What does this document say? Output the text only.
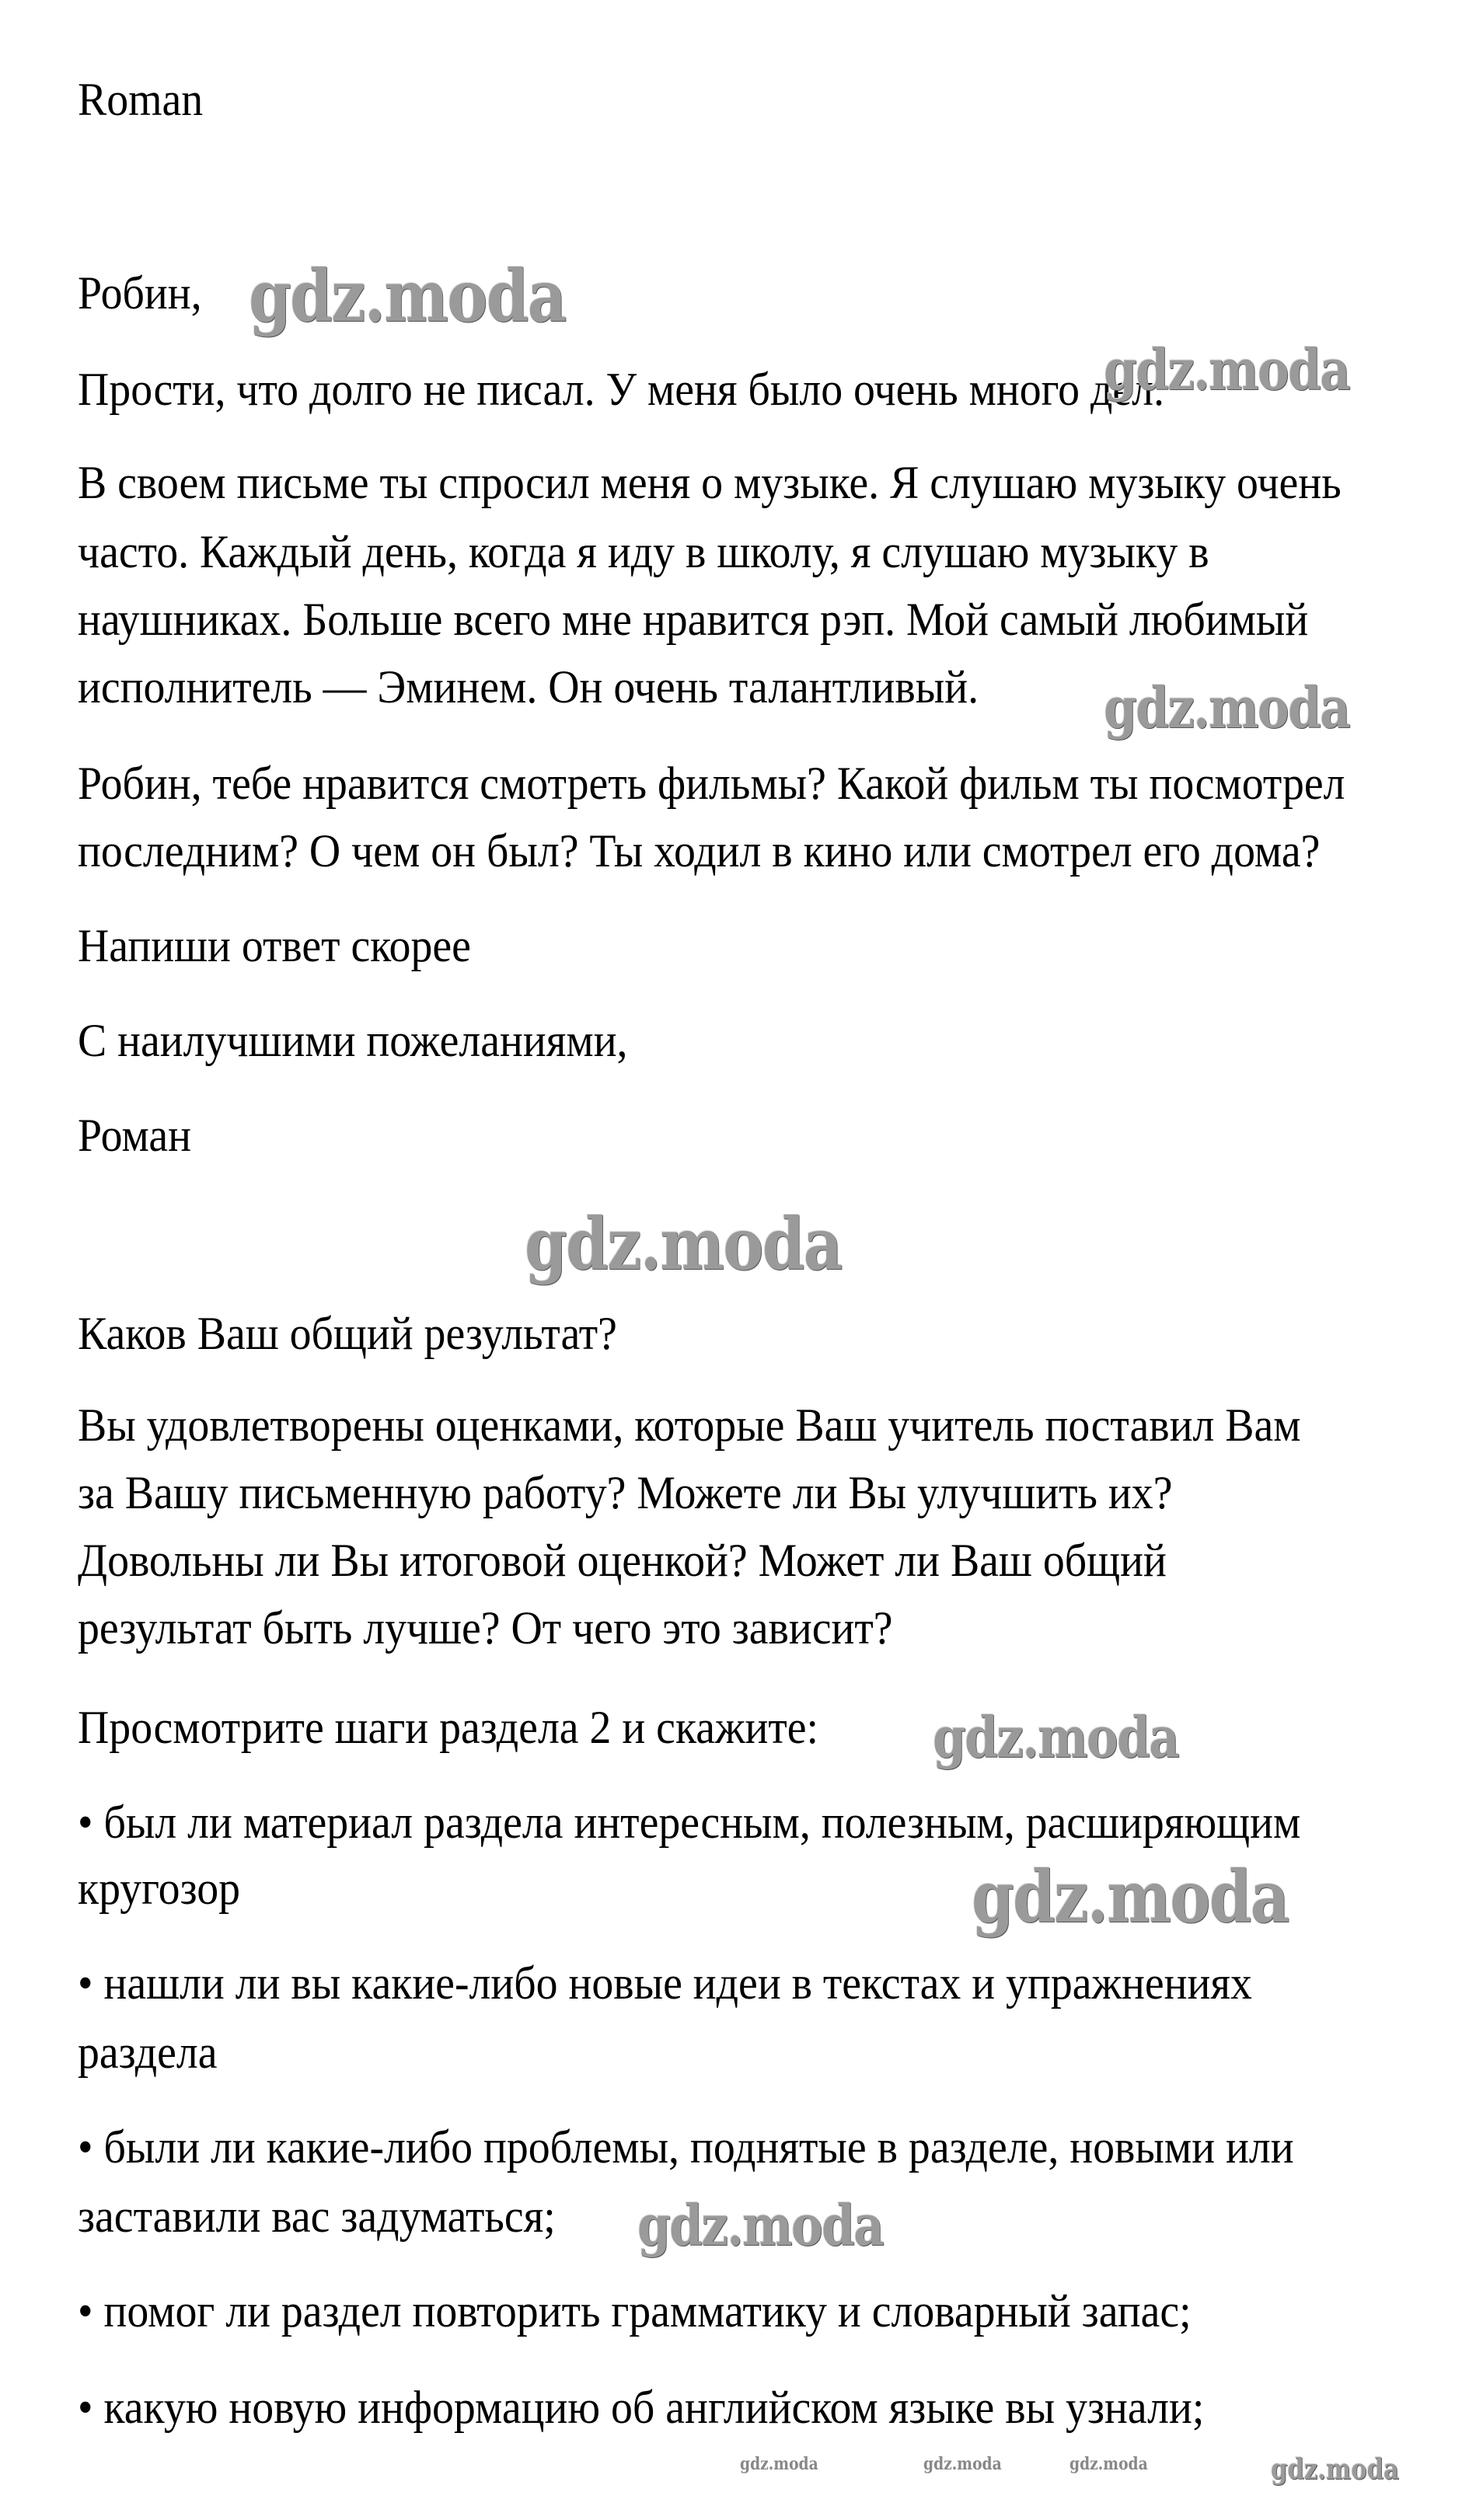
Roman
Робин,
Прости, что долго не писал. У меня было очень много дел.
В своем письме ты спросил меня о музыке. Я слушаю музыку очень
часто. Каждый день, когда я иду в школу, я слушаю музыку в
наушниках. Больше всего мне нравится рэп. Мой самый любимый
исполнитель — Эминем. Он очень талантливый.
Робин, тебе нравится смотреть фильмы? Какой фильм ты посмотрел
последним? О чем он был? Ты ходил в кино или смотрел его дома?
Напиши ответ скорее
С наилучшими пожеланиями,
Роман
Каков Ваш общий результат?
Вы удовлетворены оценками, которые Ваш учитель поставил Вам
за Вашу письменную работу? Можете ли Вы улучшить их?
Довольны ли Вы итоговой оценкой? Может ли Ваш общий
результат быть лучше? От чего это зависит?
Просмотрите шаги раздела 2 и скажите:
• был ли материал раздела интересным, полезным, расширяющим
кругозор
• нашли ли вы какие-либо новые идеи в текстах и упражнениях
раздела
• были ли какие-либо проблемы, поднятые в разделе, новыми или
заставили вас задуматься;
• помог ли раздел повторить грамматику и словарный запас;
• какую новую информацию об английском языке вы узнали;
gdz.moda
gdz.moda
gdz.moda
gdz.moda
gdz.moda
gdz.moda
gdz.moda
gdz.moda	gdz.moda	gdz.moda	gdz.moda
